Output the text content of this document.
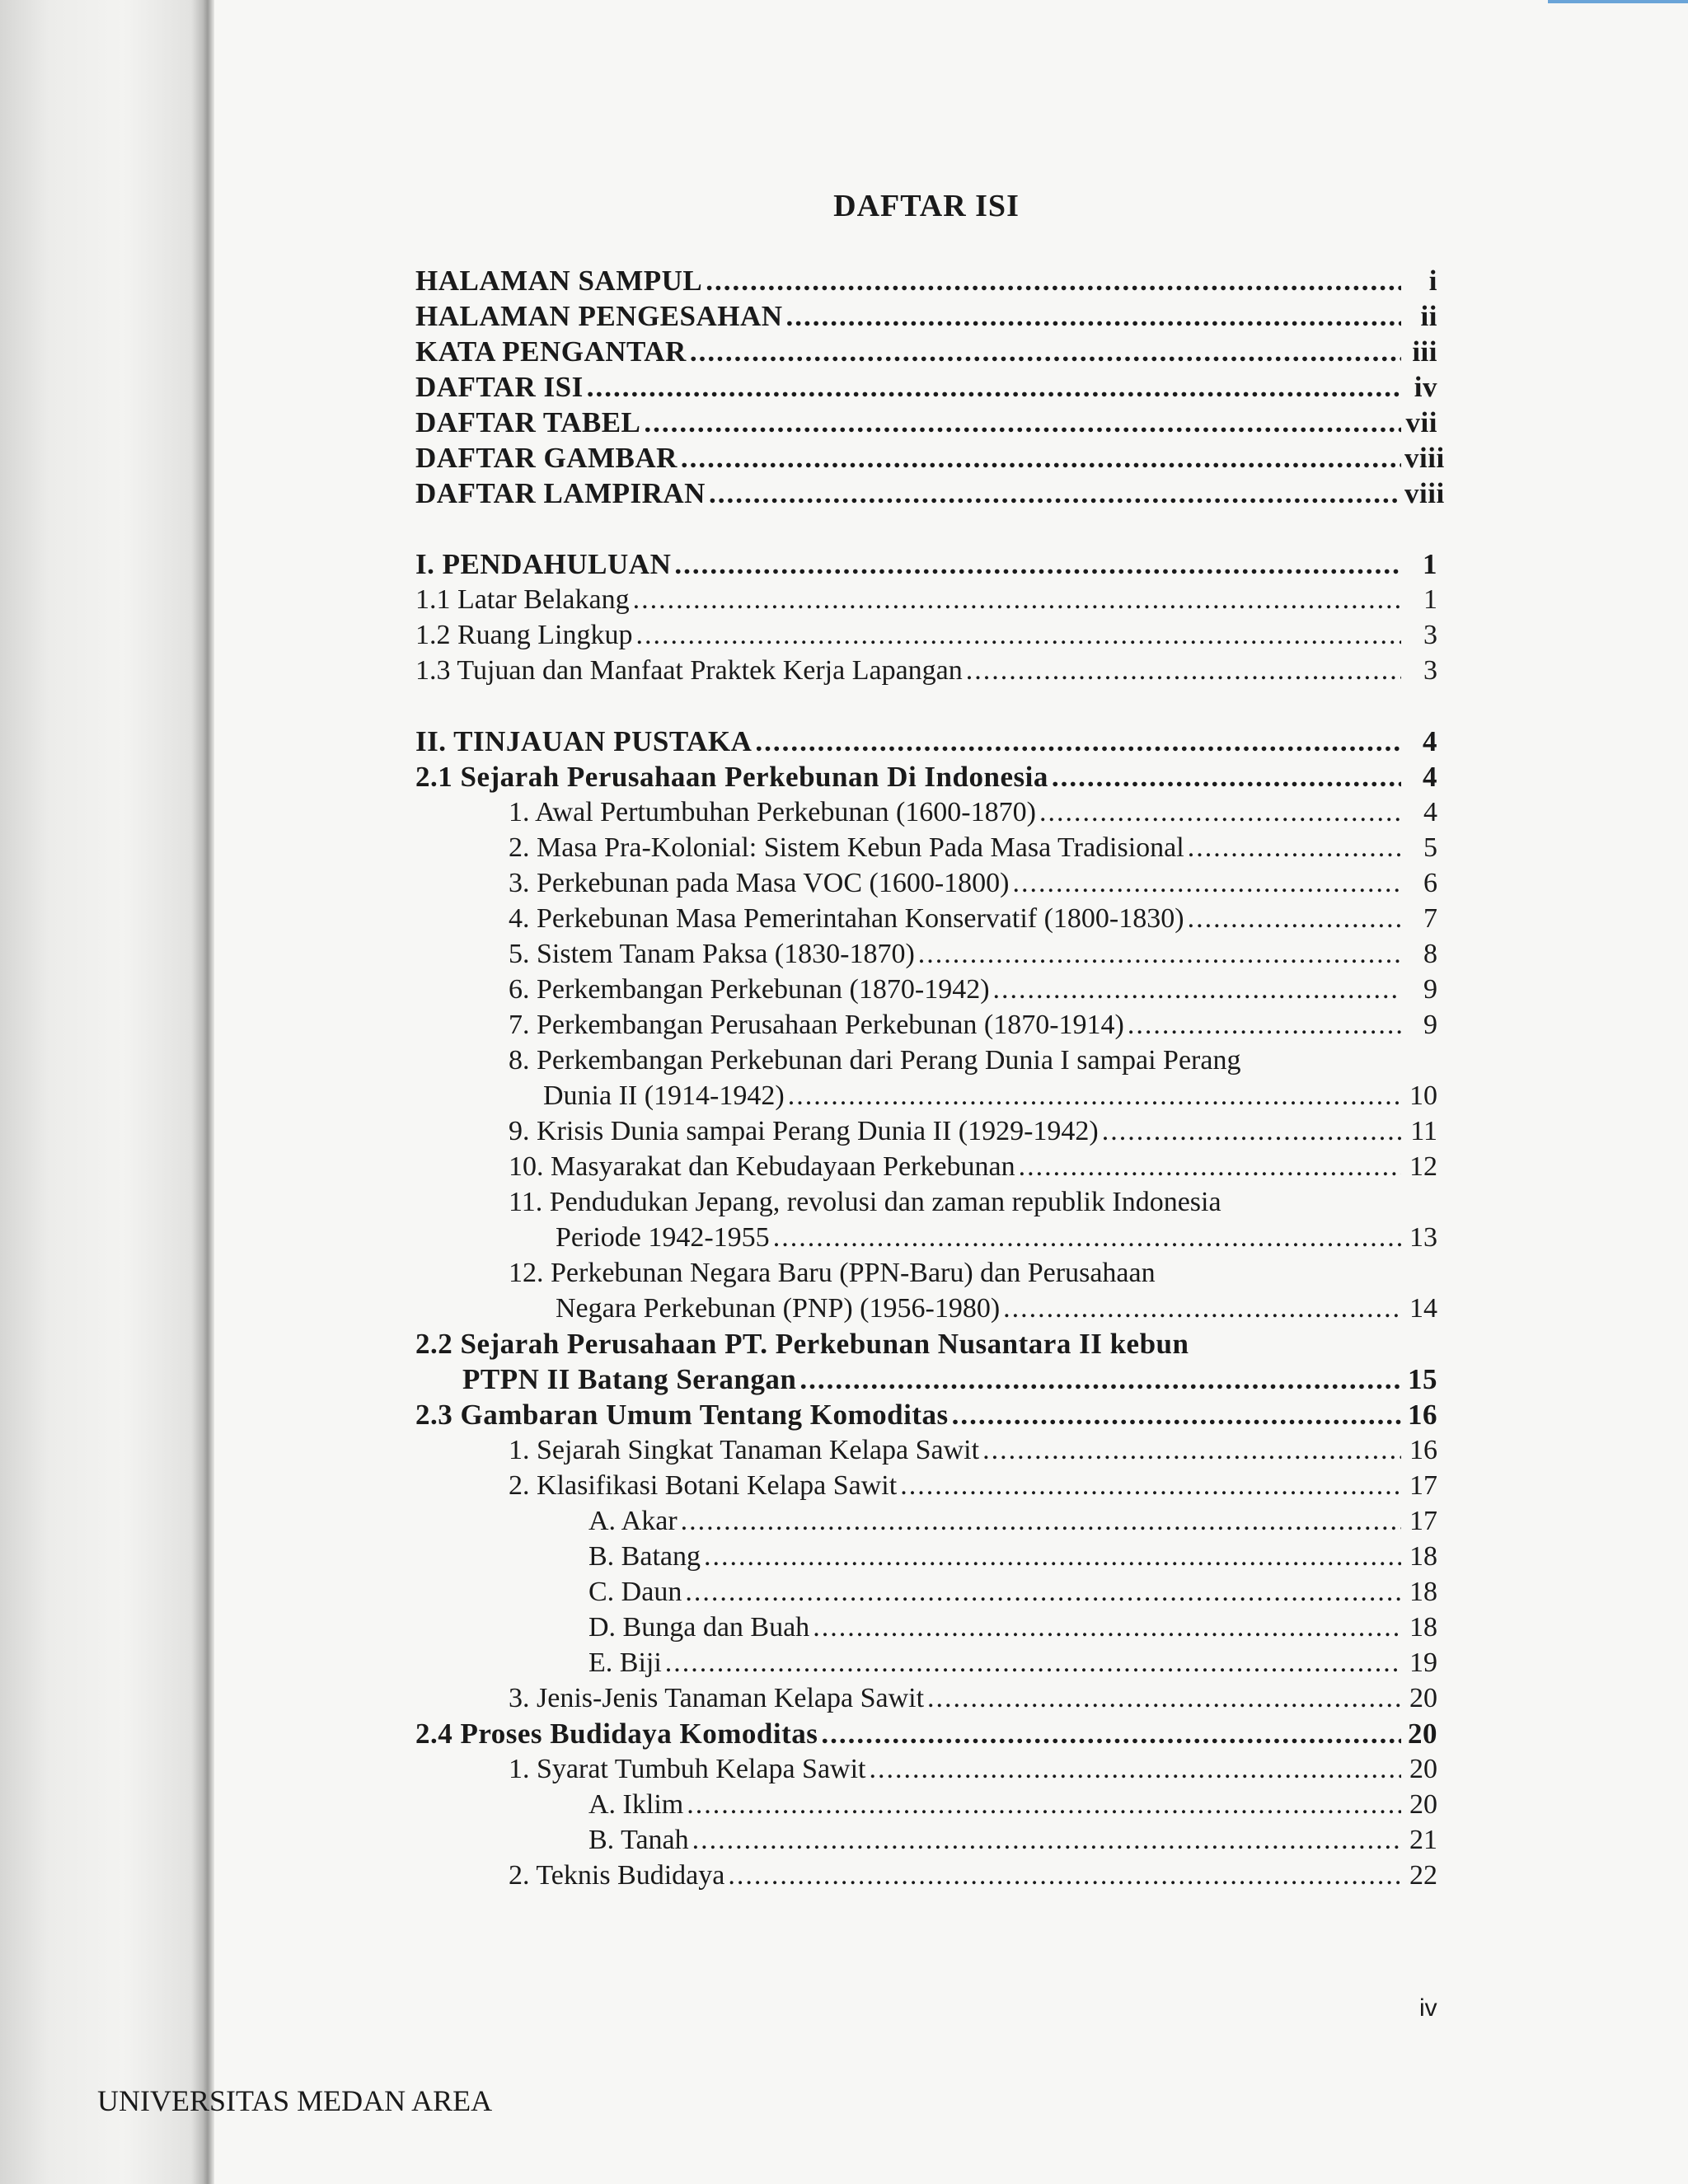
DAFTAR ISI
HALAMAN SAMPUL .....	i
HALAMAN PENGESAHAN .....	ii
KATA PENGANTAR .....	iii
DAFTAR ISI .....	iv
DAFTAR TABEL .....	vii
DAFTAR GAMBAR .....	viii
DAFTAR LAMPIRAN .....	viii
I. PENDAHULUAN .....	1
1.1 Latar Belakang .....	1
1.2 Ruang Lingkup .....	3
1.3 Tujuan dan Manfaat Praktek Kerja Lapangan .....	3
II. TINJAUAN PUSTAKA .....	4
2.1 Sejarah Perusahaan Perkebunan Di Indonesia .....	4
1. Awal Pertumbuhan Perkebunan (1600-1870) .....	4
2. Masa Pra-Kolonial: Sistem Kebun Pada Masa Tradisional .....	5
3. Perkebunan pada Masa VOC (1600-1800) .....	6
4. Perkebunan Masa Pemerintahan Konservatif (1800-1830) .....	7
5. Sistem Tanam Paksa (1830-1870) .....	8
6. Perkembangan Perkebunan (1870-1942) .....	9
7. Perkembangan Perusahaan Perkebunan (1870-1914) .....	9
8. Perkembangan Perkebunan dari Perang Dunia I sampai Perang
Dunia II (1914-1942) .....	10
9. Krisis Dunia sampai Perang Dunia II (1929-1942) .....	11
10. Masyarakat dan Kebudayaan Perkebunan .....	12
11. Pendudukan Jepang, revolusi dan zaman republik Indonesia
Periode 1942-1955 .....	13
12. Perkebunan Negara Baru (PPN-Baru) dan Perusahaan
Negara Perkebunan (PNP) (1956-1980) .....	14
2.2 Sejarah Perusahaan PT. Perkebunan Nusantara II kebun
PTPN II Batang Serangan .....	15
2.3 Gambaran Umum Tentang Komoditas .....	16
1. Sejarah Singkat Tanaman Kelapa Sawit .....	16
2. Klasifikasi Botani Kelapa Sawit .....	17
A. Akar .....	17
B. Batang .....	18
C. Daun .....	18
D. Bunga dan Buah .....	18
E. Biji .....	19
3. Jenis-Jenis Tanaman Kelapa Sawit .....	20
2.4 Proses Budidaya Komoditas .....	20
1. Syarat Tumbuh Kelapa Sawit .....	20
A. Iklim .....	20
B. Tanah .....	21
2. Teknis Budidaya .....	22
iv
UNIVERSITAS MEDAN AREA
